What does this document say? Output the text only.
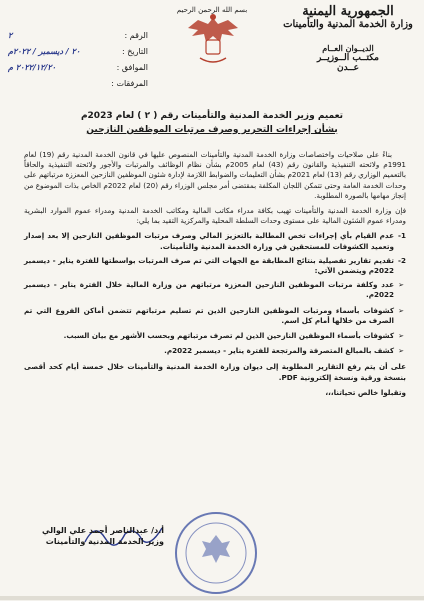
الجمهورية اليمنية
وزارة الخدمة المدنية والتأمينات
الديــوان العــام
مكتــب الــوزيــر
عــدن
بسم الله الرحمن الرحيم
الرقم :
٢
التاريخ :
٢٠ / ديسمبر / ٢٠٢٢م
الموافق :
٢٠٢٢/١٢/٢٠ م
المرفقات :
تعميم وزير الخدمة المدنية والتأمينات رقم ( ٢ ) لعام 2023م
بشأن إجراءات التحرير وصرف مرتبات الموظفين النازحين

بناءً على صلاحيات واختصاصات وزارة الخدمة المدنية والتأمينات المنصوص عليها في قانون الخدمة المدنية رقم (19) لعام 1991م ولائحته التنفيذية والقانون رقم (43) لعام 2005م بشأن نظام الوظائف والمرتبات والأجور ولائحته التنفيذية والحاقاً بالتعميم الوزاري رقم (13) لعام 2021م بشأن التعليمات والضوابط اللازمة لإدارة شئون الموظفين النازحين المعززة مرتباتهم على وحدات الخدمة العامة وحتى تتمكن اللجان المكلفة بمقتضى أمر مجلس الوزراء رقم (20) لعام 2022م الخاص بذات الموضوع من إنجاز مهامها بالصورة المطلوبة.

فإن وزارة الخدمة المدنية والتأمينات تهيب بكافة مدراء مكاتب المالية ومكاتب الخدمة المدنية ومدراء عموم الموارد البشرية ومدراء عموم الشئون المالية على مستوى وحدات السلطة المحلية والمركزية التقيد بما يلي:

1-
عدم القيام بأي إجراءات تخص المطالبة بالتعزيز المالي وصرف مرتبات الموظفين النازحين إلا بعد إصدار وتعميد الكشوفات للمستحقين في وزارة الخدمة المدنية والتأمينات.
2-
تقديم تقارير تفصيلية بنتائج المطابقة مع الجهات التي تم صرف المرتبات بواسطتها للفترة يناير - ديسمبر 2022م ويتضمن الآتي:
➢
عدد وكلفة مرتبات الموظفين النازحين المعززة مرتباتهم من وزارة المالية خلال الفترة يناير - ديسمبر 2022م.
➢
كشوفات بأسماء ومرتبات الموظفين النازحين الذين تم تسليم مرتباتهم تتضمن أماكن الفروع التي تم الصرف من خلالها أمام كل اسم.
➢
كشوفات بأسماء الموظفين النازحين الذين لم تصرف مرتباتهم وبحسب الأشهر مع بيان السبب.
➢
كشف بالمبالغ المتصرفة والمرتجعة للفترة يناير - ديسمبر 2022م.

على أن يتم رفع التقارير المطلوبة إلى ديوان وزارة الخدمة المدنية والتأمينات خلال خمسة أيام كحد أقصى بنسخة ورقية ونسخة إلكترونية PDF.

وتقبلوا خالص تحياتنا،،،

أ.د/ عبدالناصر أحمد علي الوالي
وزير الخدمة المدنية والتأمينات
